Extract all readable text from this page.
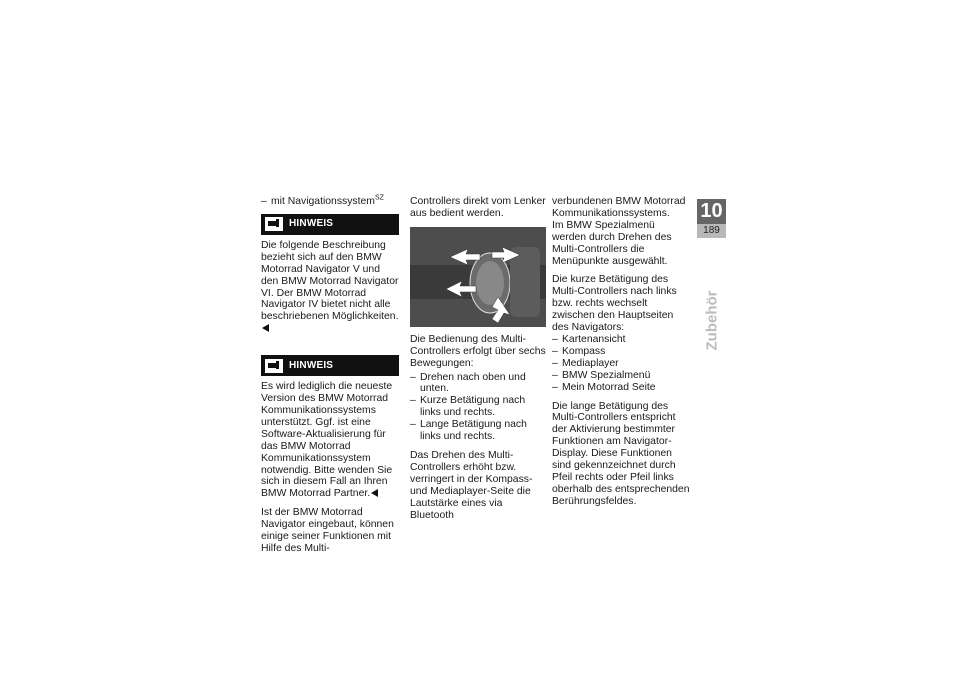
– mit Navigationssystem$^{SZ}$
HINWEIS

Die folgende Beschreibung bezieht sich auf den BMW Motorrad Navigator V und den BMW Motorrad Navigator VI. Der BMW Motorrad Navigator IV bietet nicht alle beschriebenen Möglichkeiten.

HINWEIS

Es wird lediglich die neueste Version des BMW Motorrad Kommunikationssystems unterstützt. Ggf. ist eine Software-Aktualisierung für das BMW Motorrad Kommunikationssystem notwendig. Bitte wenden Sie sich in diesem Fall an Ihren BMW Motorrad Partner.

Ist der BMW Motorrad Navigator eingebaut, können einige seiner Funktionen mit Hilfe des Multi-

Controllers direkt vom Lenker aus bedient werden.

Die Bedienung des Multi-Controllers erfolgt über sechs Bewegungen:

– Drehen nach oben und unten.
– Kurze Betätigung nach links und rechts.
– Lange Betätigung nach links und rechts.

Das Drehen des Multi-Controllers erhöht bzw. verringert in der Kompass- und Mediaplayer-Seite die Lautstärke eines via Bluetooth

verbundenen BMW Motorrad Kommunikationssystems.

Im BMW Spezialmenü werden durch Drehen des Multi-Controllers die Menüpunkte ausgewählt.

Die kurze Betätigung des Multi-Controllers nach links bzw. rechts wechselt zwischen den Hauptseiten des Navigators:

– Kartenansicht
– Kompass
– Mediaplayer
– BMW Spezialmenü
– Mein Motorrad Seite

Die lange Betätigung des Multi-Controllers entspricht der Aktivierung bestimmter Funktionen am Navigator-Display. Diese Funktionen sind gekennzeichnet durch Pfeil rechts oder Pfeil links oberhalb des entsprechenden Berührungsfeldes.

10
189
Zubehör
